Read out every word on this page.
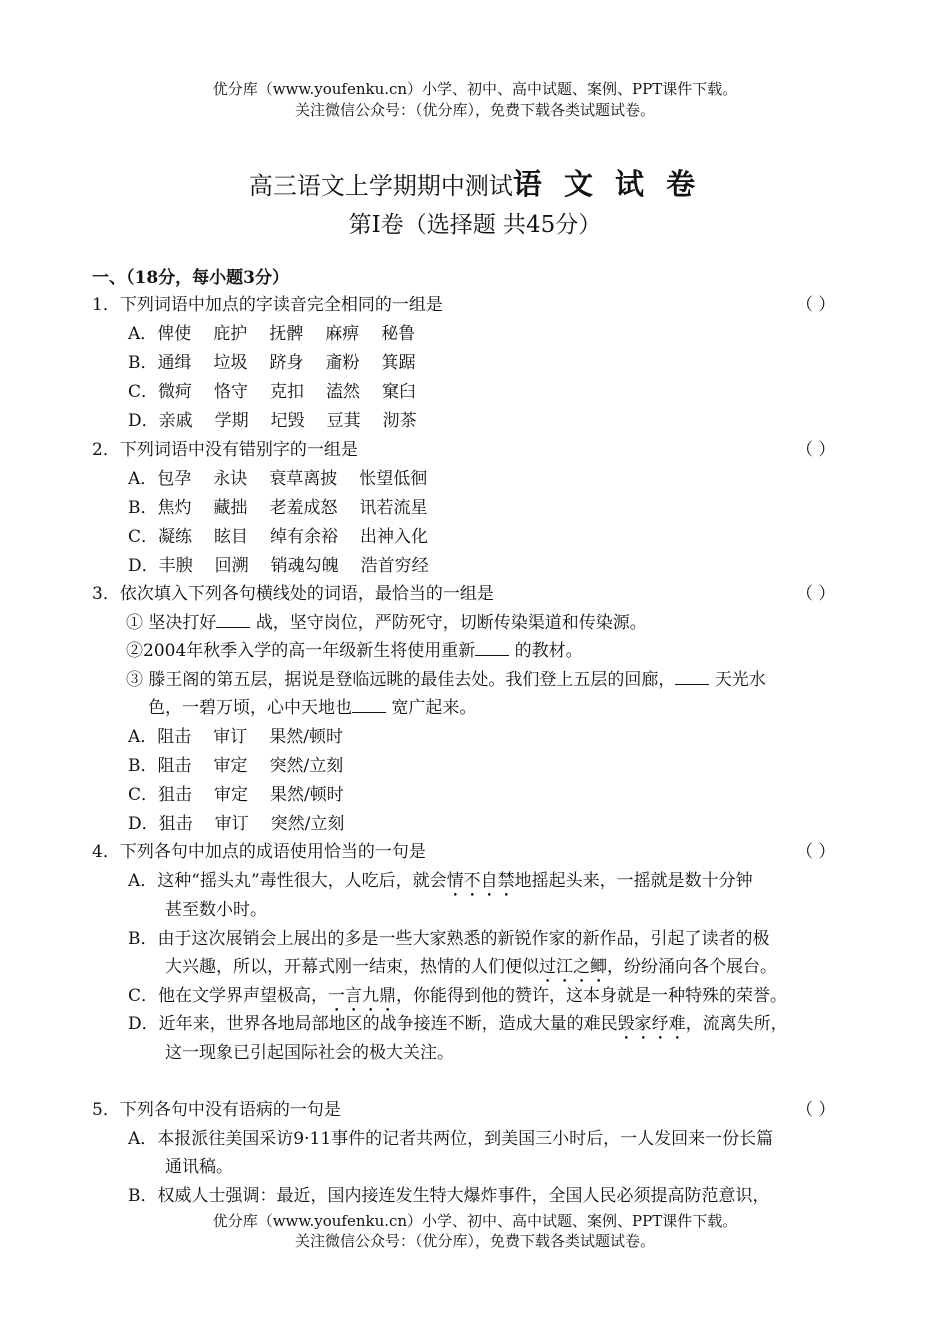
优分库（www.youfenku.cn）小学、初中、高中试题、案例、PPT课件下载。
关注微信公众号：（优分库），免费下载各类试题试卷。
高三语文上学期期中测试语 文 试 卷
第I卷（选择题 共45分）
一、（18分，每小题3分）
1．下列词语中加点的字读音完全相同的一组是	（ ）
A．俾使 庇护 抚髀 麻痹 秘鲁
B．通缉 垃圾 跻身 齑粉 箕踞
C．微疴 恪守 克扣 溘然 窠臼
D．亲戚 学期 圮毁 豆萁 沏茶
2．下列词语中没有错别字的一组是	（ ）
A．包孕 永诀 衰草离披 怅望低徊
B．焦灼 藏拙 老羞成怒 讯若流星
C．凝练 眩目 绰有余裕 出神入化
D．丰腴 回溯 销魂勾魄 浩首穷经
3．依次填入下列各句横线处的词语，最恰当的一组是	（ ）
① 坚决打好 战，坚守岗位，严防死守，切断传染渠道和传染源。
②2004年秋季入学的高一年级新生将使用重新 的教材。
③ 滕王阁的第五层，据说是登临远眺的最佳去处。我们登上五层的回廊， 天光水
色，一碧万顷，心中天地也 宽广起来。
A．阻击 审订 果然/顿时
B．阻击 审定 突然/立刻
C．狙击 审定 果然/顿时
D．狙击 审订 突然/立刻
4．下列各句中加点的成语使用恰当的一句是	（ ）
A．这种“摇头丸”毒性很大，人吃后，就会情不自禁地摇起头来，一摇就是数十分钟
甚至数小时。
B．由于这次展销会上展出的多是一些大家熟悉的新锐作家的新作品，引起了读者的极
大兴趣，所以，开幕式刚一结束，热情的人们便似过江之鲫，纷纷涌向各个展台。
C．他在文学界声望极高，一言九鼎，你能得到他的赞许，这本身就是一种特殊的荣誉。
D．近年来，世界各地局部地区的战争接连不断，造成大量的难民毁家纾难，流离失所，
这一现象已引起国际社会的极大关注。
5．下列各句中没有语病的一句是	（ ）
A．本报派往美国采访9·11事件的记者共两位，到美国三小时后，一人发回来一份长篇
通讯稿。
B．权威人士强调：最近，国内接连发生特大爆炸事件，全国人民必须提高防范意识，
优分库（www.youfenku.cn）小学、初中、高中试题、案例、PPT课件下载。
关注微信公众号：（优分库），免费下载各类试题试卷。
